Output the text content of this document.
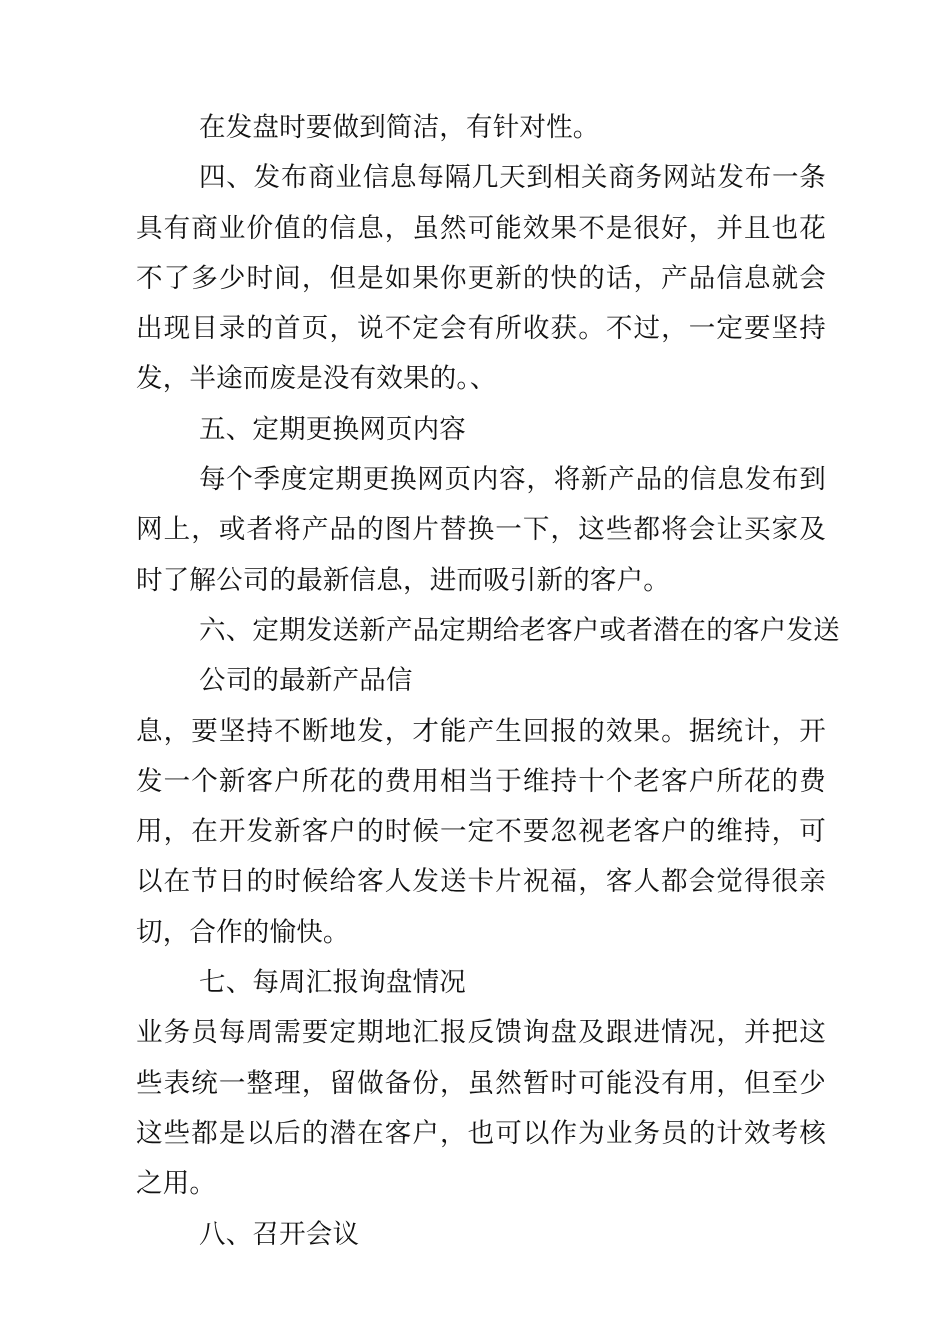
在发盘时要做到简洁，有针对性。

四、发布商业信息每隔几天到相关商务网站发布一条具有商业价值的信息，虽然可能效果不是很好，并且也花不了多少时间，但是如果你更新的快的话，产品信息就会出现目录的首页，说不定会有所收获。不过，一定要坚持发，半途而废是没有效果的。、

五、定期更换网页内容

每个季度定期更换网页内容，将新产品的信息发布到网上，或者将产品的图片替换一下，这些都将会让买家及时了解公司的最新信息，进而吸引新的客户。

六、定期发送新产品定期给老客户或者潜在的客户发送

公司的最新产品信

息，要坚持不断地发，才能产生回报的效果。据统计，开发一个新客户所花的费用相当于维持十个老客户所花的费用，在开发新客户的时候一定不要忽视老客户的维持，可以在节日的时候给客人发送卡片祝福，客人都会觉得很亲切，合作的愉快。

七、每周汇报询盘情况

业务员每周需要定期地汇报反馈询盘及跟进情况，并把这些表统一整理，留做备份，虽然暂时可能没有用，但至少这些都是以后的潜在客户，也可以作为业务员的计效考核之用。

八、召开会议
